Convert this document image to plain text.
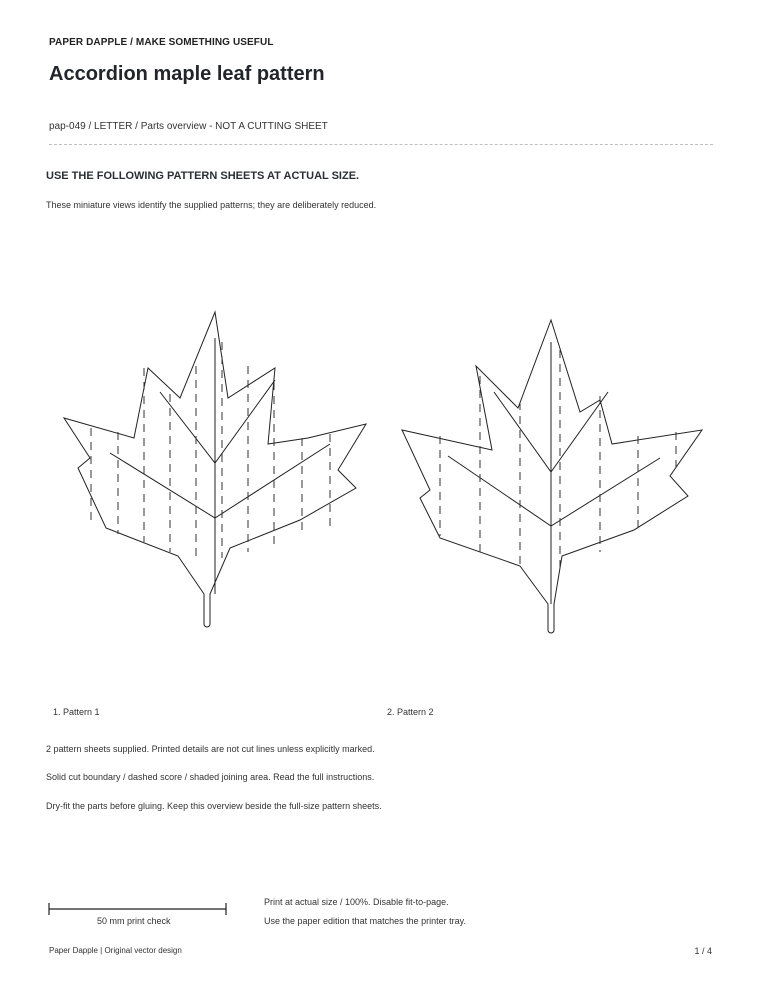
PAPER DAPPLE / MAKE SOMETHING USEFUL
Accordion maple leaf pattern
pap-049 / LETTER / Parts overview - NOT A CUTTING SHEET
USE THE FOLLOWING PATTERN SHEETS AT ACTUAL SIZE.
These miniature views identify the supplied patterns; they are deliberately reduced.
1. Pattern 1	2. Pattern 2
2 pattern sheets supplied. Printed details are not cut lines unless explicitly marked.
Solid cut boundary / dashed score / shaded joining area. Read the full instructions.
Dry-fit the parts before gluing. Keep this overview beside the full-size pattern sheets.
50 mm print check
Print at actual size / 100%. Disable fit-to-page.
Use the paper edition that matches the printer tray.
Paper Dapple | Original vector design	1 / 4
